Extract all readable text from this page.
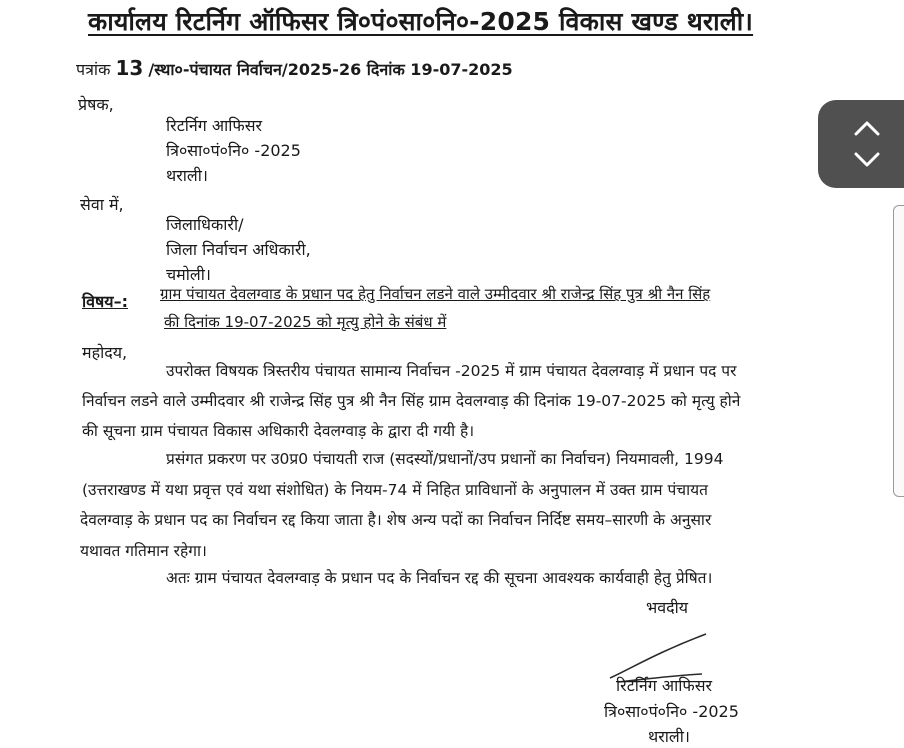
कार्यालय रिटर्निग ऑफिसर त्रि०पं०सा०नि०-2025 विकास खण्ड थराली।
पत्रांक 13 /स्था०-पंचायत निर्वाचन/2025-26 दिनांक 19-07-2025
प्रेषक,
रिटर्निग आफिसर
त्रि०सा०पं०नि० -2025
थराली।
सेवा में,
जिलाधिकारी/
जिला निर्वाचन अधिकारी,
चमोली।
विषय–: ग्राम पंचायत देवलग्वाड के प्रधान पद हेतु निर्वाचन लडने वाले उम्मीदवार श्री राजेन्द्र सिंह पुत्र श्री नैन सिंह
की दिनांक 19-07-2025 को मृत्यु होने के संबंध में
महोदय,
उपरोक्त विषयक त्रिस्तरीय पंचायत सामान्य निर्वाचन -2025 में ग्राम पंचायत देवलग्वाड़ में प्रधान पद पर
निर्वाचन लडने वाले उम्मीदवार श्री राजेन्द्र सिंह पुत्र श्री नैन सिंह ग्राम देवलग्वाड़ की दिनांक 19-07-2025 को मृत्यु होने
की सूचना ग्राम पंचायत विकास अधिकारी देवलग्वाड़ के द्वारा दी गयी है।
प्रसंगत प्रकरण पर उ0प्र0 पंचायती राज (सदस्यों/प्रधानों/उप प्रधानों का निर्वाचन) नियमावली, 1994
(उत्तराखण्ड में यथा प्रवृत्त एवं यथा संशोधित) के नियम-74 में निहित प्राविधानों के अनुपालन में उक्त ग्राम पंचायत
देवलग्वाड़ के प्रधान पद का निर्वाचन रद्द किया जाता है। शेष अन्य पदों का निर्वाचन निर्दिष्ट समय–सारणी के अनुसार
यथावत गतिमान रहेगा।
अतः ग्राम पंचायत देवलग्वाड़ के प्रधान पद के निर्वाचन रद्द की सूचना आवश्यक कार्यवाही हेतु प्रेषित।
भवदीय
रिटर्निग आफिसर
त्रि०सा०पं०नि० -2025
थराली।
